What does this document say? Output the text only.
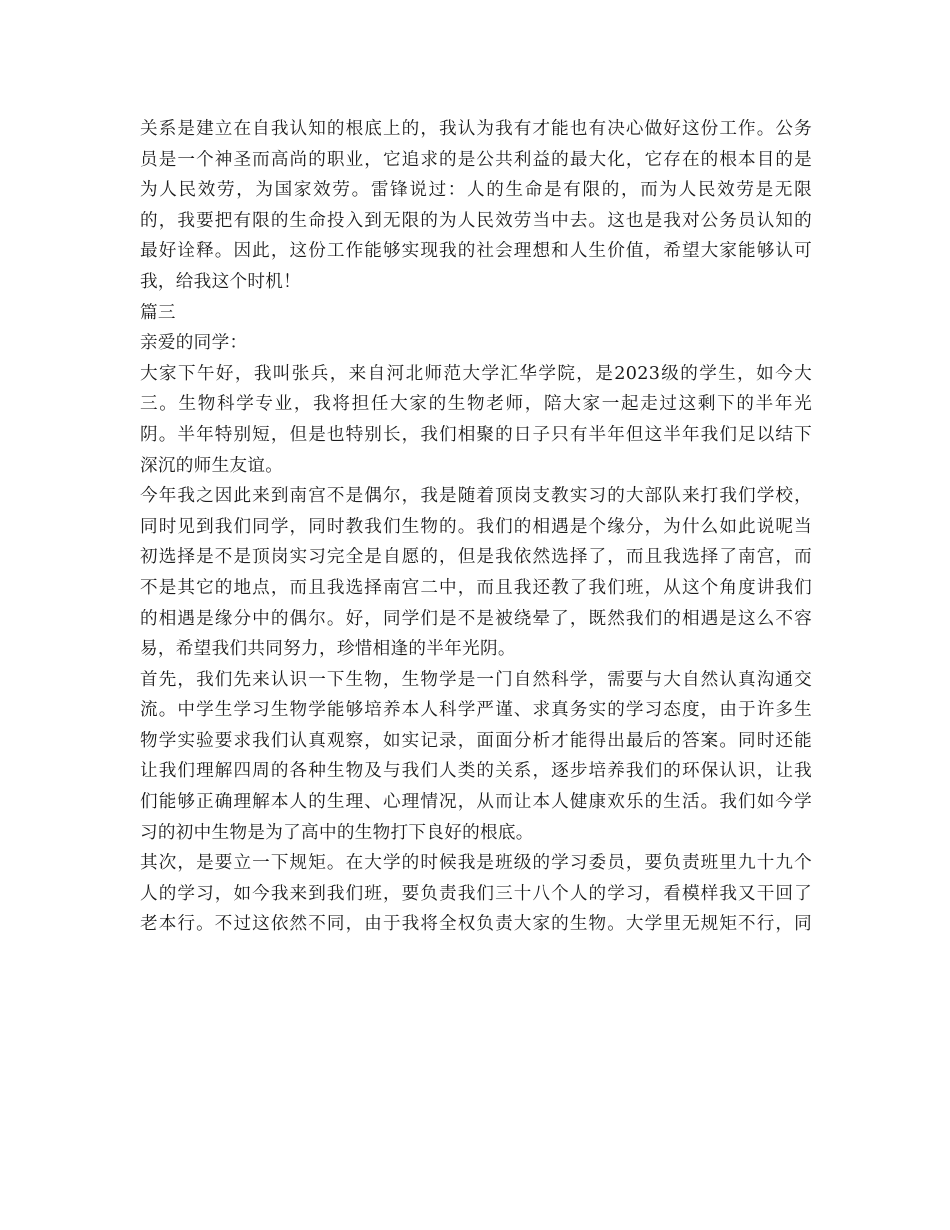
关系是建立在自我认知的根底上的，我认为我有才能也有决心做好这份工作。公务
员是一个神圣而高尚的职业，它追求的是公共利益的最大化，它存在的根本目的是
为人民效劳，为国家效劳。雷锋说过：人的生命是有限的，而为人民效劳是无限
的，我要把有限的生命投入到无限的为人民效劳当中去。这也是我对公务员认知的
最好诠释。因此，这份工作能够实现我的社会理想和人生价值，希望大家能够认可
我，给我这个时机！
篇三
亲爱的同学：
大家下午好，我叫张兵，来自河北师范大学汇华学院，是2023级的学生，如今大
三。生物科学专业，我将担任大家的生物老师，陪大家一起走过这剩下的半年光
阴。半年特别短，但是也特别长，我们相聚的日子只有半年但这半年我们足以结下
深沉的师生友谊。
今年我之因此来到南宫不是偶尔，我是随着顶岗支教实习的大部队来打我们学校，
同时见到我们同学，同时教我们生物的。我们的相遇是个缘分，为什么如此说呢当
初选择是不是顶岗实习完全是自愿的，但是我依然选择了，而且我选择了南宫，而
不是其它的地点，而且我选择南宫二中，而且我还教了我们班，从这个角度讲我们
的相遇是缘分中的偶尔。好，同学们是不是被绕晕了，既然我们的相遇是这么不容
易，希望我们共同努力，珍惜相逢的半年光阴。
首先，我们先来认识一下生物，生物学是一门自然科学，需要与大自然认真沟通交
流。中学生学习生物学能够培养本人科学严谨、求真务实的学习态度，由于许多生
物学实验要求我们认真观察，如实记录，面面分析才能得出最后的答案。同时还能
让我们理解四周的各种生物及与我们人类的关系，逐步培养我们的环保认识，让我
们能够正确理解本人的生理、心理情况，从而让本人健康欢乐的生活。我们如今学
习的初中生物是为了高中的生物打下良好的根底。
其次，是要立一下规矩。在大学的时候我是班级的学习委员，要负责班里九十九个
人的学习，如今我来到我们班，要负责我们三十八个人的学习，看模样我又干回了
老本行。不过这依然不同，由于我将全权负责大家的生物。大学里无规矩不行，同
